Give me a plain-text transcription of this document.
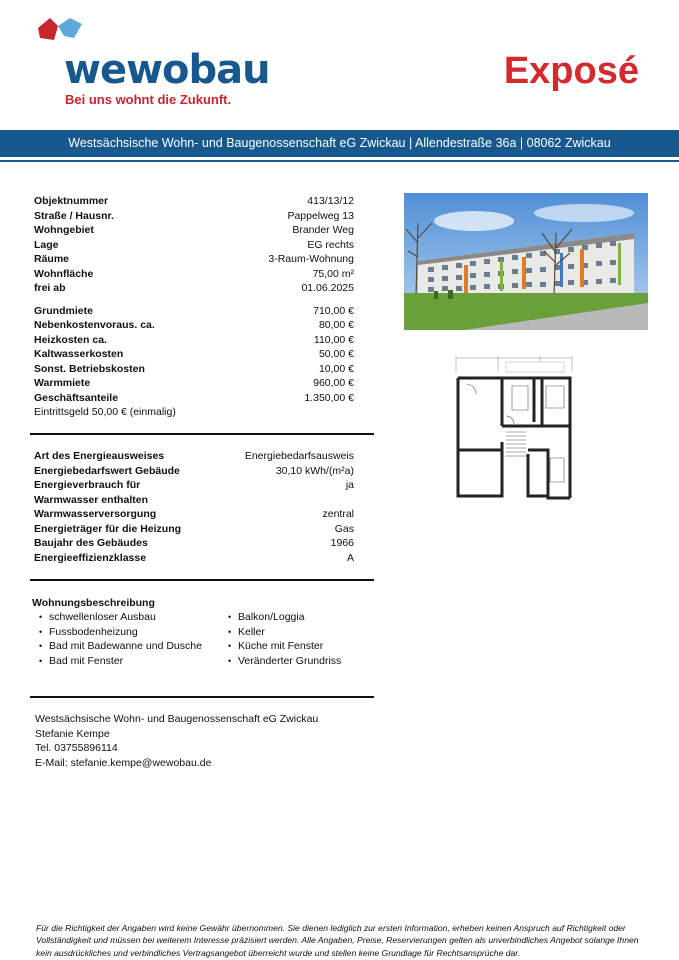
wewobau
Bei uns wohnt die Zukunft.
Exposé
Westsächsische Wohn- und Baugenossenschaft eG Zwickau | Allendestraße 36a | 08062 Zwickau
Objektnummer	413/13/12
Straße / Hausnr.	Pappelweg 13
Wohngebiet	Brander Weg
Lage	EG rechts
Räume	3-Raum-Wohnung
Wohnfläche	75,00 m²
frei ab	01.06.2025
Grundmiete	710,00 €
Nebenkostenvoraus. ca.	80,00 €
Heizkosten ca.	110,00 €
Kaltwasserkosten	50,00 €
Sonst. Betriebskosten	10,00 €
Warmmiete	960,00 €
Geschäftsanteile	1.350,00 €
Eintrittsgeld 50,00 € (einmalig)
Art des Energieausweises	Energiebedarfsausweis
Energiebedarfswert Gebäude	30,10 kWh/(m²a)
Energieverbrauch für	ja
Warmwasser enthalten
Warmwasserversorgung	zentral
Energieträger für die Heizung	Gas
Baujahr des Gebäudes	1966
Energieeffizienzklasse	A
Wohnungsbeschreibung
• schwellenloser Ausbau
• Fussbodenheizung
• Bad mit Badewanne und Dusche
• Bad mit Fenster
• Balkon/Loggia
• Keller
• Küche mit Fenster
• Veränderter Grundriss
Westsächsische Wohn- und Baugenossenschaft eG Zwickau
Stefanie Kempe
Tel. 03755896114
E-Mail: stefanie.kempe@wewobau.de
Für die Richtigkeit der Angaben wird keine Gewähr übernommen. Sie dienen lediglich zur ersten Information, erheben keinen Anspruch auf Richtigkeit oder Vollständigkeit und müssen bei weiterem Interesse präzisiert werden. Alle Angaben, Preise, Reservierungen gelten als unverbindliches Angebot solange Ihnen kein ausdrückliches und verbindliches Vertragsangebot überreicht wurde und stellen keine Grundlage für Rechtsansprüche dar.
